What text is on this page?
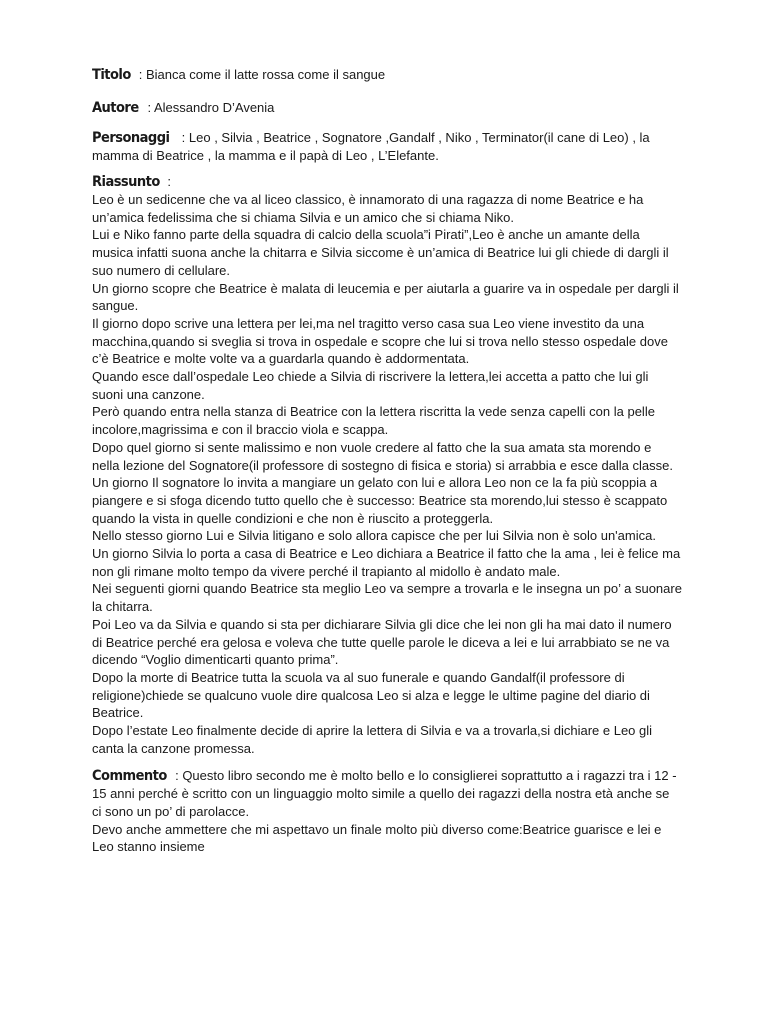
Titolo : Bianca come il latte rossa come il sangue

Autore : Alessandro D’Avenia

Personaggi : Leo , Silvia , Beatrice , Sognatore ,Gandalf , Niko , Terminator(il cane di Leo) , la mamma di Beatrice , la mamma e il papà di Leo , L’Elefante.

Riassunto :

Leo è un sedicenne che va al liceo classico, è innamorato di una ragazza di nome Beatrice e ha un’amica fedelissima che si chiama Silvia e un amico che si chiama Niko.

Lui e Niko fanno parte della squadra di calcio della scuola”i Pirati”,Leo è anche un amante della musica infatti suona anche la chitarra e Silvia siccome è un’amica di Beatrice lui gli chiede di dargli il suo numero di cellulare.

Un giorno scopre che Beatrice è malata di leucemia e per aiutarla a guarire va in ospedale per dargli il sangue.

Il giorno dopo scrive una lettera per lei,ma nel tragitto verso casa sua Leo viene investito da una macchina,quando si sveglia si trova in ospedale e scopre che lui si trova nello stesso ospedale dove c’è Beatrice e molte volte va a guardarla quando è addormentata.

Quando esce dall’ospedale Leo chiede a Silvia di riscrivere la lettera,lei accetta a patto che lui gli suoni una canzone.

Però quando entra nella stanza di Beatrice con la lettera riscritta la vede senza capelli con la pelle incolore,magrissima e con il braccio viola e scappa.

Dopo quel giorno si sente malissimo e non vuole credere al fatto che la sua amata sta morendo e nella lezione del Sognatore(il professore di sostegno di fisica e storia) si arrabbia e esce dalla classe.

Un giorno Il sognatore lo invita a mangiare un gelato con lui e allora Leo non ce la fa più scoppia a piangere e si sfoga dicendo tutto quello che è successo: Beatrice sta morendo,lui stesso è scappato quando la vista in quelle condizioni e che non è riuscito a proteggerla.

Nello stesso giorno Lui e Silvia litigano e solo allora capisce che per lui Silvia non è solo un'amica.

Un giorno Silvia lo porta a casa di Beatrice e Leo dichiara a Beatrice il fatto che la ama , lei è felice ma non gli rimane molto tempo da vivere perché il trapianto al midollo è andato male.

Nei seguenti giorni quando Beatrice sta meglio Leo va sempre a trovarla e le insegna un po’ a suonare la chitarra.

Poi Leo va da Silvia e quando si sta per dichiarare Silvia gli dice che lei non gli ha mai dato il numero di Beatrice perché era gelosa e voleva che tutte quelle parole le diceva a lei e lui arrabbiato se ne va dicendo “Voglio dimenticarti quanto prima”.

Dopo la morte di Beatrice tutta la scuola va al suo funerale e quando Gandalf(il professore di religione)chiede se qualcuno vuole dire qualcosa Leo si alza e legge le ultime pagine del diario di Beatrice.

Dopo l’estate Leo finalmente decide di aprire la lettera di Silvia e va a trovarla,si dichiare e Leo gli canta la canzone promessa.

Commento : Questo libro secondo me è molto bello e lo consiglierei soprattutto a i ragazzi tra i 12 - 15 anni perché è scritto con un linguaggio molto simile a quello dei ragazzi della nostra età anche se ci sono un po’ di parolacce.

Devo anche ammettere che mi aspettavo un finale molto più diverso come:Beatrice guarisce e lei e Leo stanno insieme
